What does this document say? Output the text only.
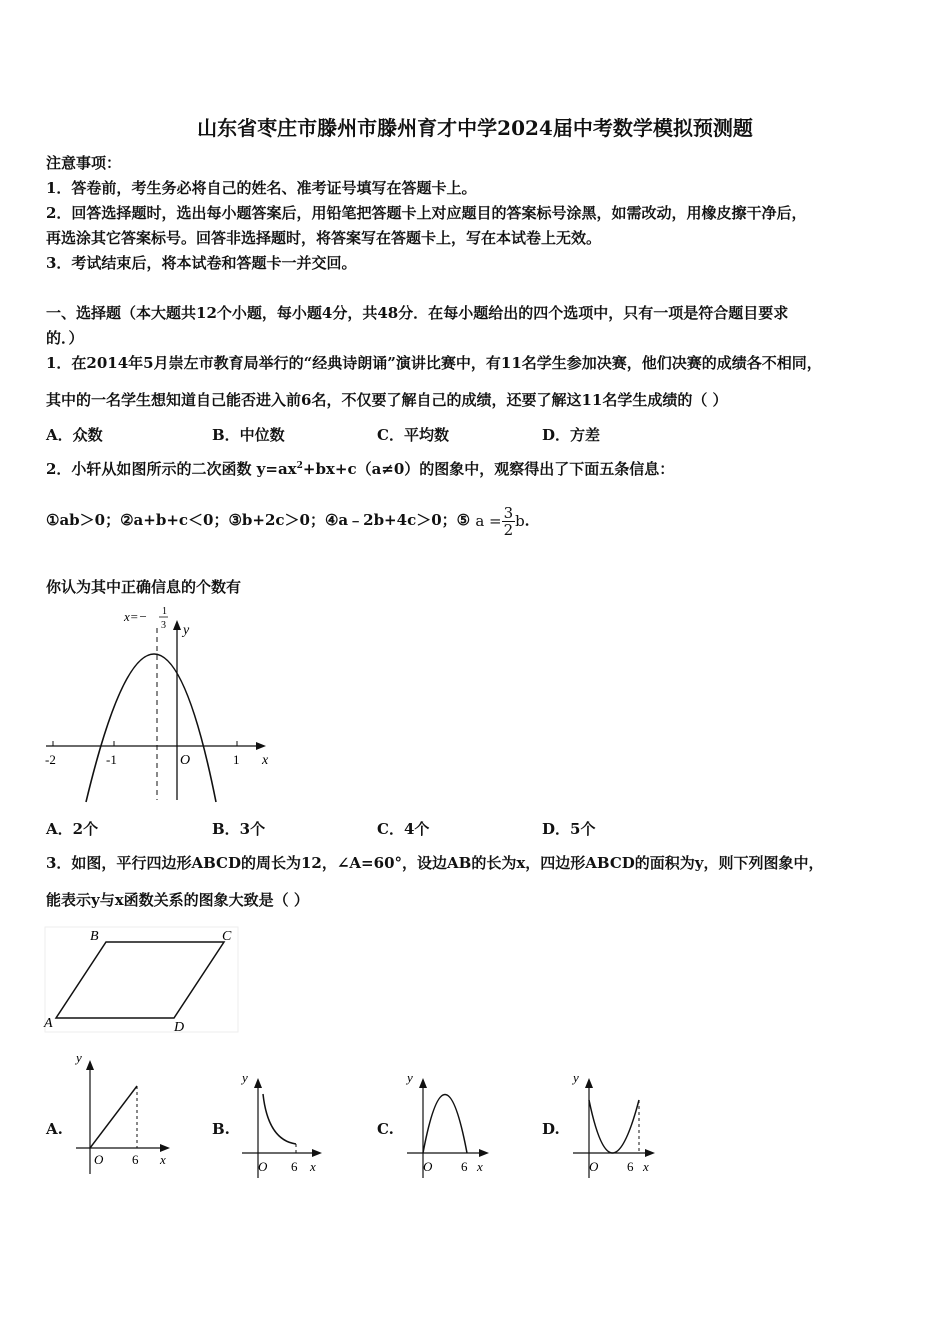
山东省枣庄市滕州市滕州育才中学2024届中考数学模拟预测题
注意事项：
1．答卷前，考生务必将自己的姓名、准考证号填写在答题卡上。
2．回答选择题时，选出每小题答案后，用铅笔把答题卡上对应题目的答案标号涂黑，如需改动，用橡皮擦干净后，
再选涂其它答案标号。回答非选择题时，将答案写在答题卡上，写在本试卷上无效。
3．考试结束后，将本试卷和答题卡一并交回。
一、选择题（本大题共12个小题，每小题4分，共48分．在每小题给出的四个选项中，只有一项是符合题目要求
的．）
1．在2014年5月崇左市教育局举行的“经典诗朗诵”演讲比赛中，有11名学生参加决赛，他们决赛的成绩各不相同，
其中的一名学生想知道自己能否进入前6名，不仅要了解自己的成绩，还要了解这11名学生成绩的（ ）
A．众数	B．中位数	C．平均数	D．方差
2．小轩从如图所示的二次函数 $y=ax^2+bx+c(a\ne 0)$的图象中，观察得出了下面五条信息：
①ab＞0；②a+b+c＜0；③b+2c＞0；④a﹣2b+4c＞0；⑤ $a = \frac{3}{2}$ b．
你认为其中正确信息的个数有
x=− 1
3 y
x
-2	-1	1
O
A．2个	B．3个	C．4个	D．5个
3．如图，平行四边形ABCD的周长为12，∠A=60°，设边AB的长为x，四边形ABCD的面积为y，则下列图象中，
能表示y与x函数关系的图象大致是（ ）
A
B	C
D
A.	B.	C.	D.
y
x
O 6
y
x
O 6
y
x
O 6
y
x
O 6
